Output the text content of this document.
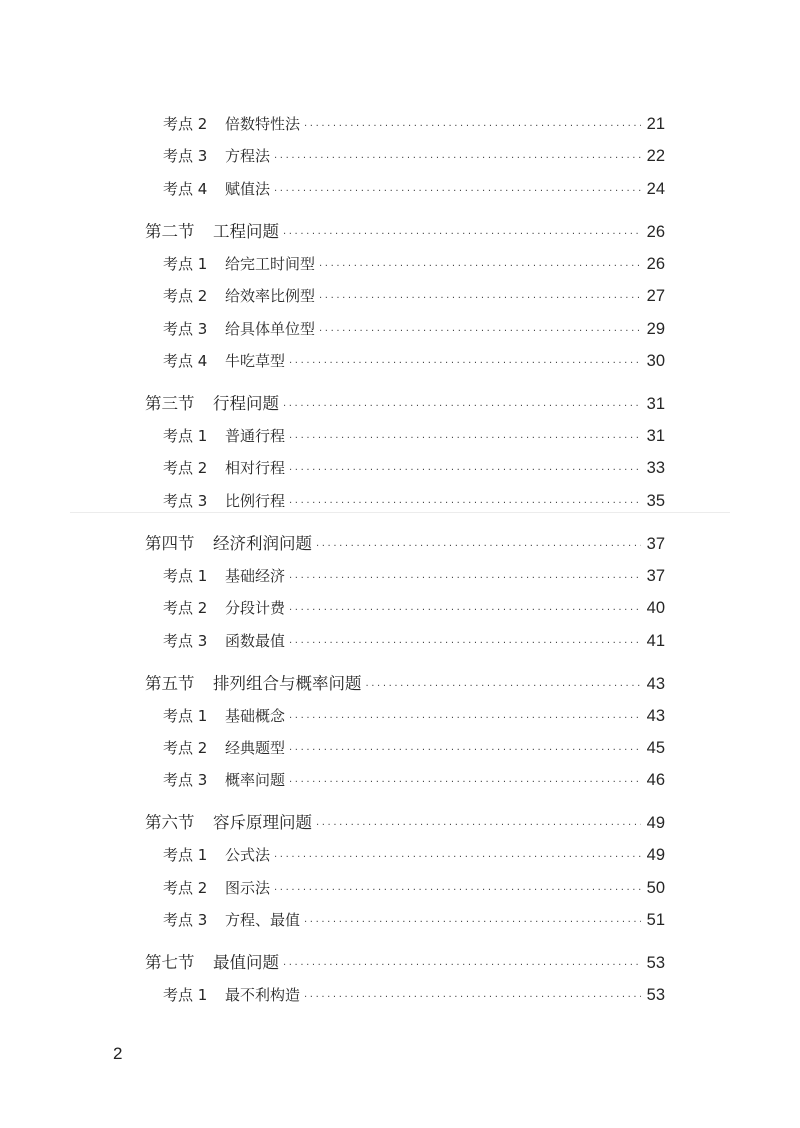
考点 2	倍数特性法 ·····	21
考点 3	方程法 ·····	22
考点 4	赋值法 ·····	24
第二节	工程问题 ·····	26
考点 1	给完工时间型 ·····	26
考点 2	给效率比例型 ·····	27
考点 3	给具体单位型 ·····	29
考点 4	牛吃草型 ·····	30
第三节	行程问题 ·····	31
考点 1	普通行程 ·····	31
考点 2	相对行程 ·····	33
考点 3	比例行程 ·····	35
第四节	经济利润问题 ·····	37
考点 1	基础经济 ·····	37
考点 2	分段计费 ·····	40
考点 3	函数最值 ·····	41
第五节	排列组合与概率问题 ·····	43
考点 1	基础概念 ·····	43
考点 2	经典题型 ·····	45
考点 3	概率问题 ·····	46
第六节	容斥原理问题 ·····	49
考点 1	公式法 ·····	49
考点 2	图示法 ·····	50
考点 3	方程、最值 ·····	51
第七节	最值问题 ·····	53
考点 1	最不利构造 ·····	53
2
